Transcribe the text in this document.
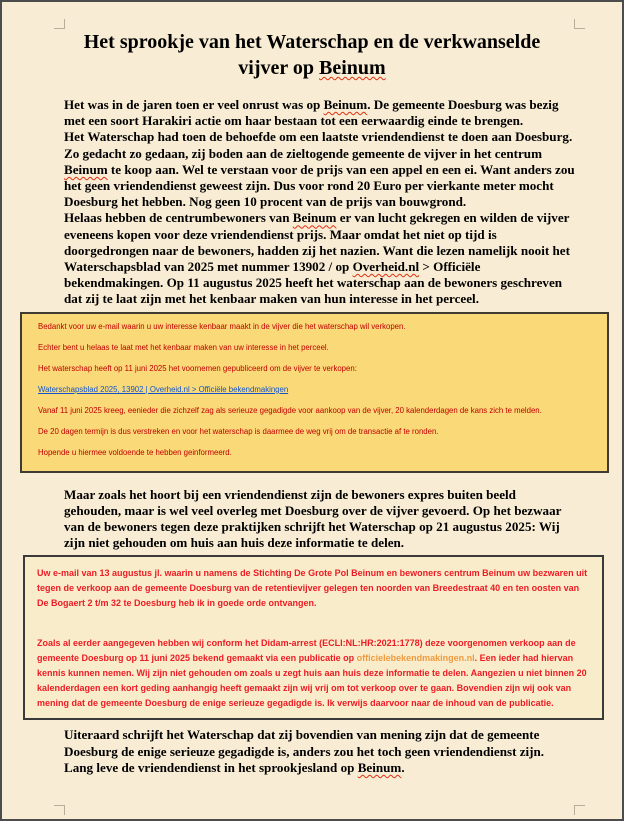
Het sprookje van het Waterschap en de verkwanselde
vijver op Beinum

Het was in de jaren toen er veel onrust was op Beinum. De gemeente Doesburg was bezig met een soort Harakiri actie om haar bestaan tot een eerwaardig einde te brengen.

Het Waterschap had toen de behoefde om een laatste vriendendienst te doen aan Doesburg. Zo gedacht zo gedaan, zij boden aan de zieltogende gemeente de vijver in het centrum Beinum te koop aan. Wel te verstaan voor de prijs van een appel en een ei. Want anders zou het geen vriendendienst geweest zijn. Dus voor rond 20 Euro per vierkante meter mocht Doesburg het hebben. Nog geen 10 procent van de prijs van bouwgrond.

Helaas hebben de centrumbewoners van Beinum er van lucht gekregen en wilden de vijver eveneens kopen voor deze vriendendienst prijs. Maar omdat het niet op tijd is doorgedrongen naar de bewoners, hadden zij het nazien. Want die lezen namelijk nooit het Waterschapsblad van 2025 met nummer 13902 / op Overheid.nl > Officiële bekendmakingen. Op 11 augustus 2025 heeft het waterschap aan de bewoners geschreven dat zij te laat zijn met het kenbaar maken van hun interesse in het perceel.

Bedankt voor uw e-mail waarin u uw interesse kenbaar maakt in de vijver die het waterschap wil verkopen.

Echter bent u helaas te laat met het kenbaar maken van uw interesse in het perceel.

Het waterschap heeft op 11 juni 2025 het voornemen gepubliceerd om de vijver te verkopen:

Waterschapsblad 2025, 13902 | Overheid.nl > Officiële bekendmakingen

Vanaf 11 juni 2025 kreeg, eenieder die zichzelf zag als serieuze gegadigde voor aankoop van de vijver, 20 kalenderdagen de kans zich te melden.

De 20 dagen termijn is dus verstreken en voor het waterschap is daarmee de weg vrij om de transactie af te ronden.

Hopende u hiermee voldoende te hebben geinformeerd.

Maar zoals het hoort bij een vriendendienst zijn de bewoners expres buiten beeld gehouden, maar is wel veel overleg met Doesburg over de vijver gevoerd. Op het bezwaar van de bewoners tegen deze praktijken schrijft het Waterschap op 21 augustus 2025: Wij zijn niet gehouden om huis aan huis deze informatie te delen.

Uw e-mail van 13 augustus jl. waarin u namens de Stichting De Grote Pol Beinum en bewoners centrum Beinum uw bezwaren uit tegen de verkoop aan de gemeente Doesburg van de retentievijver gelegen ten noorden van Breedestraat 40 en ten oosten van De Bogaert 2 t/m 32 te Doesburg heb ik in goede orde ontvangen.

Zoals al eerder aangegeven hebben wij conform het Didam-arrest (ECLI:NL:HR:2021:1778) deze voorgenomen verkoop aan de gemeente Doesburg op 11 juni 2025 bekend gemaakt via een publicatie op officielebekendmakingen.nl. Een ieder had hiervan kennis kunnen nemen. Wij zijn niet gehouden om zoals u zegt huis aan huis deze informatie te delen. Aangezien u niet binnen 20 kalenderdagen een kort geding aanhangig heeft gemaakt zijn wij vrij om tot verkoop over te gaan. Bovendien zijn wij ook van mening dat de gemeente Doesburg de enige serieuze gegadigde is. Ik verwijs daarvoor naar de inhoud van de publicatie.

Uiteraard schrijft het Waterschap dat zij bovendien van mening zijn dat de gemeente Doesburg de enige serieuze gegadigde is, anders zou het toch geen vriendendienst zijn. Lang leve de vriendendienst in het sprookjesland op Beinum.
